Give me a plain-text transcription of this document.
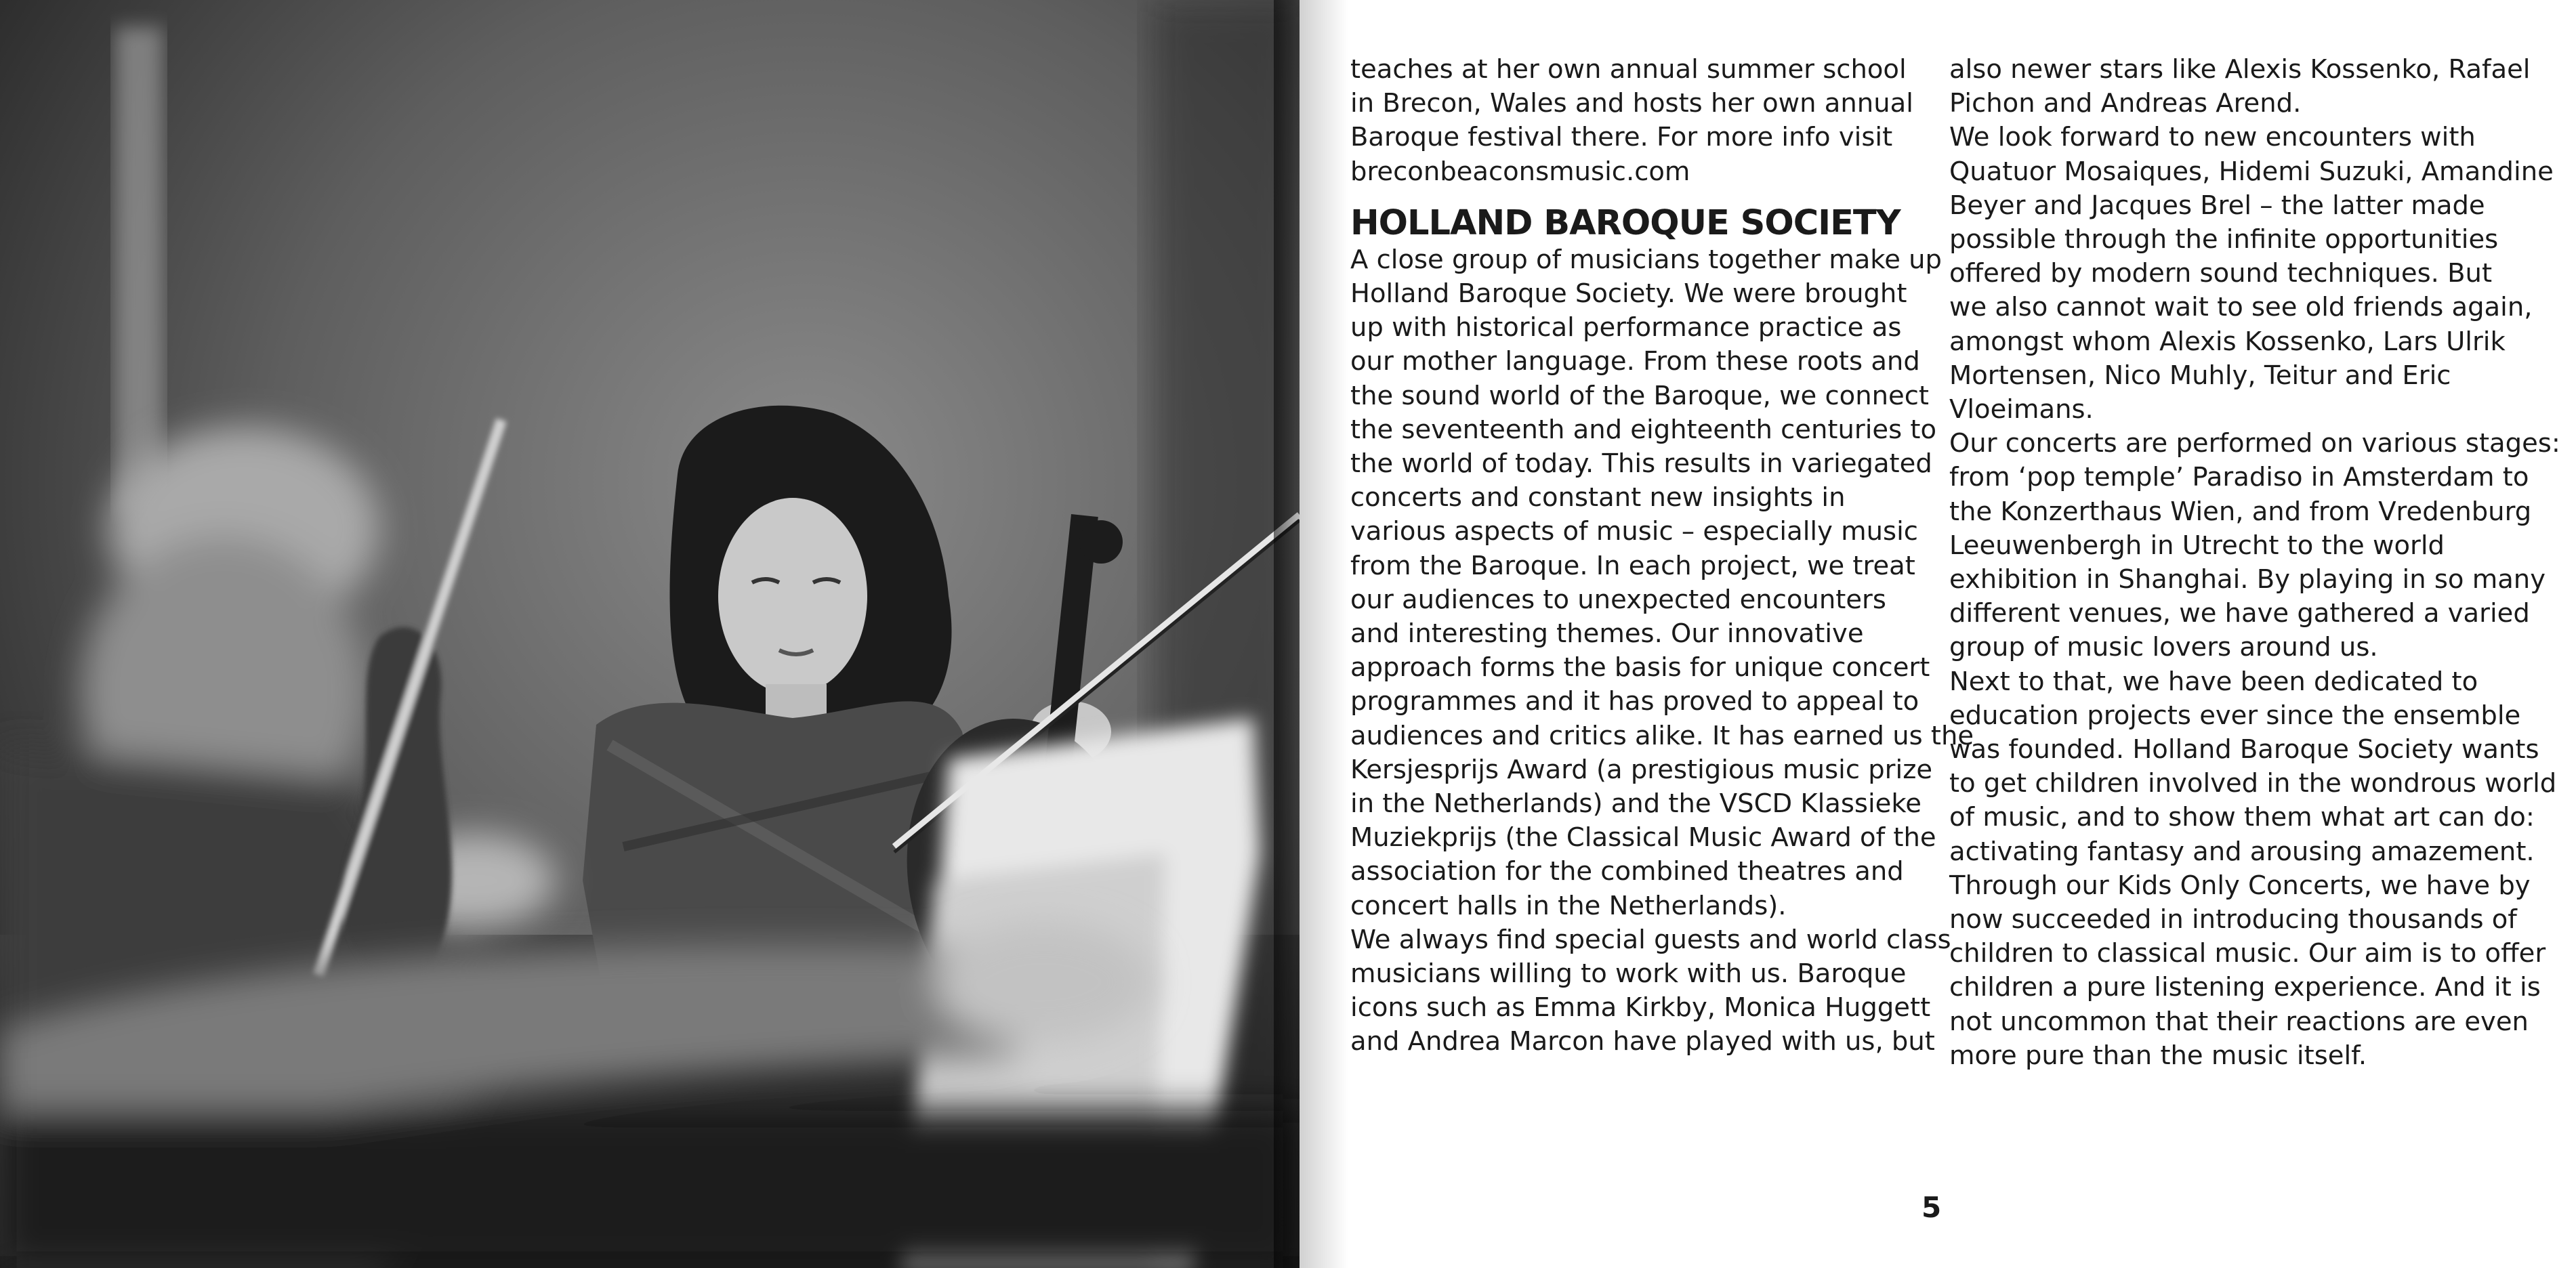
teaches at her own annual summer school
in Brecon, Wales and hosts her own annual
Baroque festival there. For more info visit
breconbeaconsmusic.com
HOLLAND BAROQUE SOCIETY
A close group of musicians together make up
Holland Baroque Society. We were brought
up with historical performance practice as
our mother language. From these roots and
the sound world of the Baroque, we connect
the seventeenth and eighteenth centuries to
the world of today. This results in variegated
concerts and constant new insights in
various aspects of music – especially music
from the Baroque. In each project, we treat
our audiences to unexpected encounters
and interesting themes. Our innovative
approach forms the basis for unique concert
programmes and it has proved to appeal to
audiences and critics alike. It has earned us the
Kersjesprijs Award (a prestigious music prize
in the Netherlands) and the VSCD Klassieke
Muziekprijs (the Classical Music Award of the
association for the combined theatres and
concert halls in the Netherlands).
We always find special guests and world class
musicians willing to work with us. Baroque
icons such as Emma Kirkby, Monica Huggett
and Andrea Marcon have played with us, but
also newer stars like Alexis Kossenko, Rafael
Pichon and Andreas Arend.
We look forward to new encounters with
Quatuor Mosaiques, Hidemi Suzuki, Amandine
Beyer and Jacques Brel – the latter made
possible through the infinite opportunities
offered by modern sound techniques. But
we also cannot wait to see old friends again,
amongst whom Alexis Kossenko, Lars Ulrik
Mortensen, Nico Muhly, Teitur and Eric
Vloeimans.
Our concerts are performed on various stages:
from ‘pop temple’ Paradiso in Amsterdam to
the Konzerthaus Wien, and from Vredenburg
Leeuwenbergh in Utrecht to the world
exhibition in Shanghai. By playing in so many
different venues, we have gathered a varied
group of music lovers around us.
Next to that, we have been dedicated to
education projects ever since the ensemble
was founded. Holland Baroque Society wants
to get children involved in the wondrous world
of music, and to show them what art can do:
activating fantasy and arousing amazement.
Through our Kids Only Concerts, we have by
now succeeded in introducing thousands of
children to classical music. Our aim is to offer
children a pure listening experience. And it is
not uncommon that their reactions are even
more pure than the music itself.
5
